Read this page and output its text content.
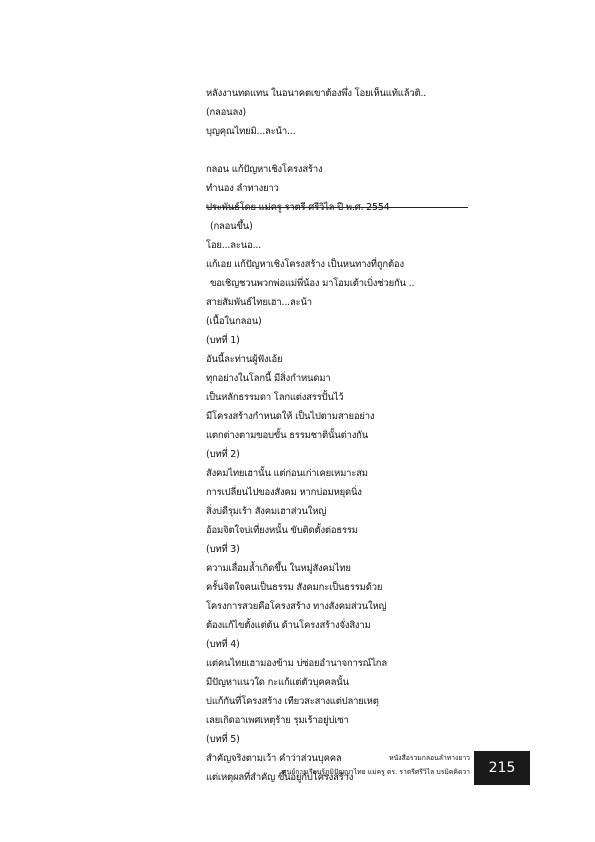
หลังงานทดแทน ในอนาคตเขาต้องพึ่ง โอยเห็นแท้แล้วติ..
(กลอนลง)
บุญคุณไทยมิ...ละน้า...
กลอน แก้ปัญหาเชิงโครงสร้าง
ทำนอง ลำทางยาว
(กลอนขึ้น)
โอย...ละนอ...
แก้เอย แก้ปัญหาเชิงโครงสร้าง เป็นหนทางที่ถูกต้อง
ขอเชิญชวนพวกพ่อแม่พี่น้อง มาโอมเต้าเบิ่งช่วยกัน ..
สายสัมพันธ์ไทยเฮา...ละน้า
(เนื้อในกลอน)
(บทที่ 1)
อันนี้ละท่านผู้ฟังเอ้ย
ทุกอย่างในโลกนี้ มีสิ่งกำหนดมา
เป็นหลักธรรมดา โลกแต่งสรรปั้นไว้
มีโครงสร้างกำหนดให้ เป็นไปตามสายอย่าง
แตกต่างตามขอบขั้น ธรรมชาตินั้นต่างกัน
(บทที่ 2)
สังคมไทยเฮานั้น แต่ก่อนเก่าเคยเหมาะสม
การเปลี่ยนไปของสังคม หากบ่อมหยุดนิ่ง
สิ่งบ่ดีรุมเร้า สังคมเฮาส่วนใหญ่
อ้อมจิตใจบ่เที่ยงหนั้น ขับติดตั้งต่อธรรม
(บทที่ 3)
ความเลื่อมล้ำเกิดขึ้น ในหมู่สังคมไทย
ครั้นจิตใจคนเป็นธรรม สังคมกะเป็นธรรมด้วย
โครงการสวยคือโครงสร้าง ทางสังคมส่วนใหญ่
ต้องแก้ไขตั้งแต่ต้น ด้านโครงสร้างจั่งสิงาม
(บทที่ 4)
แต่คนไทยเฮามองข้าม บ่ซ่อยอำนาจการณ์ไกล
มีปัญหาแนวใด กะแก้แต่ตัวบุคคลนั้น
บ่แก้กันที่โครงสร้าง เทียวสะสางแต่ปลายเหตุ
เลยเกิดอาเพศเหตุร้าย รุมเร้าอยู่บ่เซา
(บทที่ 5)
สำคัญจริงตามเว้า คำว่าส่วนบุคคล
แต่เหตุผลที่สำคัญ ขึ้นอยู่กับโครงสร้าง
หนังสือรวมกลอนลำทางยาว
ศูนย์การเรียนรู้ภูมิปัญญาไทย แม่ครู ดร. ราตรีศรีวิไล บรมิคคิดวา 215
